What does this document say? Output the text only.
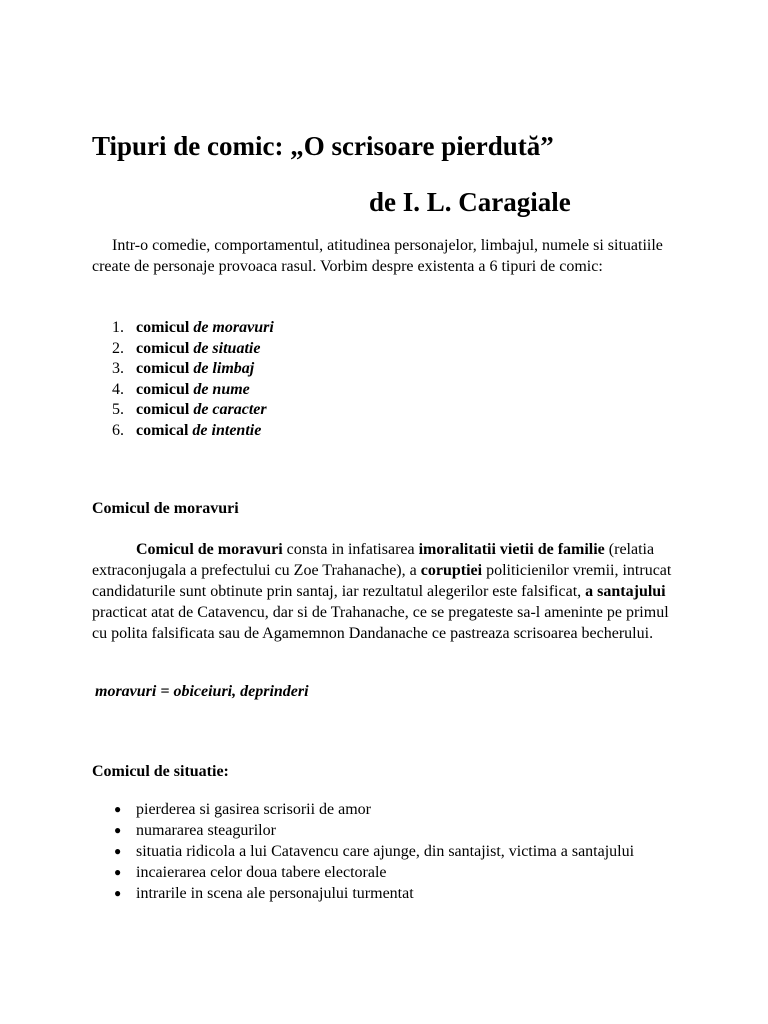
Tipuri de comic: „O scrisoare pierdută”
de I. L. Caragiale

Intr-o comedie, comportamentul, atitudinea personajelor, limbajul, numele si situatiile create de personaje provoaca rasul. Vorbim despre existenta a 6 tipuri de comic:

1. comicul de moravuri
2. comicul de situatie
3. comicul de limbaj
4. comicul de nume
5. comicul de caracter
6. comical de intentie
Comicul de moravuri

Comicul de moravuri consta in infatisarea imoralitatii vietii de familie (relatia extraconjugala a prefectului cu Zoe Trahanache), a coruptiei politicienilor vremii, intrucat candidaturile sunt obtinute prin santaj, iar rezultatul alegerilor este falsificat, a santajului practicat atat de Catavencu, dar si de Trahanache, ce se pregateste sa-l ameninte pe primul cu polita falsificata sau de Agamemnon Dandanache ce pastreaza scrisoarea becherului.

moravuri = obiceiuri, deprinderi

Comicul de situatie:
● pierderea si gasirea scrisorii de amor
● numararea steagurilor
● situatia ridicola a lui Catavencu care ajunge, din santajist, victima a santajului
● incaierarea celor doua tabere electorale
● intrarile in scena ale personajului turmentat
